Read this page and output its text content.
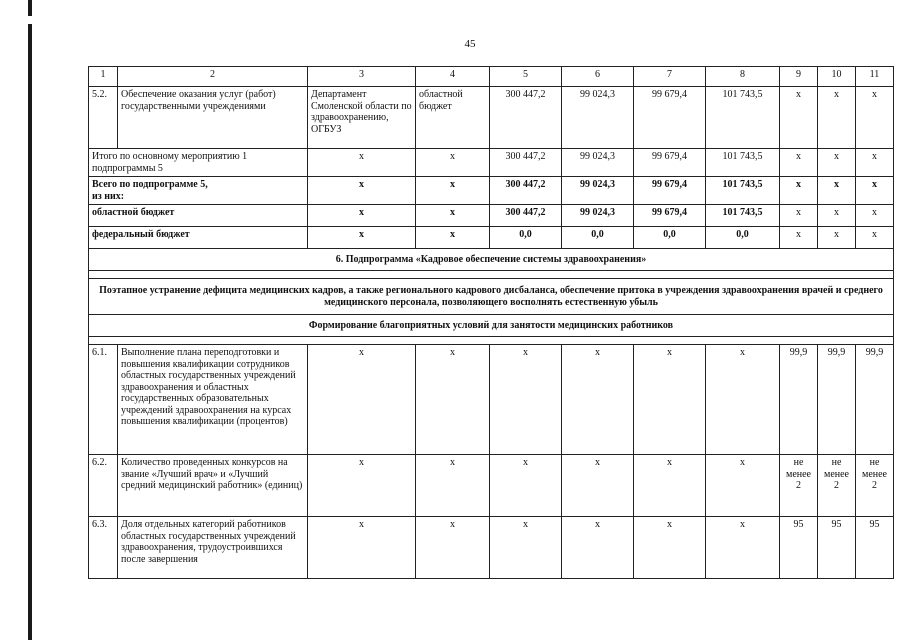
45
1	2	3	4	5	6	7	8	9	10	11
5.2.	Обеспечение оказания услуг (работ) государственными учреждениями	Департамент Смоленской области по здравоохранению, ОГБУЗ	областной бюджет	300 447,2	99 024,3	99 679,4	101 743,5	х	х	х
Итого по основному мероприятию 1 подпрограммы 5		х	х	300 447,2	99 024,3	99 679,4	101 743,5	х	х	х

Всего по подпрограмме 5,
из них:		х	х	300 447,2	99 024,3	99 679,4	101 743,5	х	х	х
областной бюджет		х	х	300 447,2	99 024,3	99 679,4	101 743,5	х	х	х
федеральный бюджет		х	х	0,0	0,0	0,0	0,0	х	х	х
6. Подпрограмма «Кадровое обеспечение системы здравоохранения»										

Поэтапное устранение дефицита медицинских кадров, а также регионального кадрового дисбаланса, обеспечение притока в учреждения здравоохранения врачей и среднего медицинского персонала, позволяющего восполнять естественную убыль										
Формирование благоприятных условий для занятости медицинских работников										

6.1.	Выполнение плана переподготовки и повышения квалификации сотрудников областных государственных учреждений здравоохранения и областных государственных образовательных учреждений здравоохранения на курсах повышения квалификации (процентов)	х	х	х	х	х	х	99,9	99,9	99,9
6.2.	Количество проведенных конкурсов на звание «Лучший врач» и «Лучший средний медицинский работник» (единиц)	х	х	х	х	х	х	не
менее
2	не
менее
2	не
менее
2

6.3.	Доля отдельных категорий работников областных государственных учреждений здравоохранения, трудоустроившихся после завершения	х	х	х	х	х	х	95	95	95
